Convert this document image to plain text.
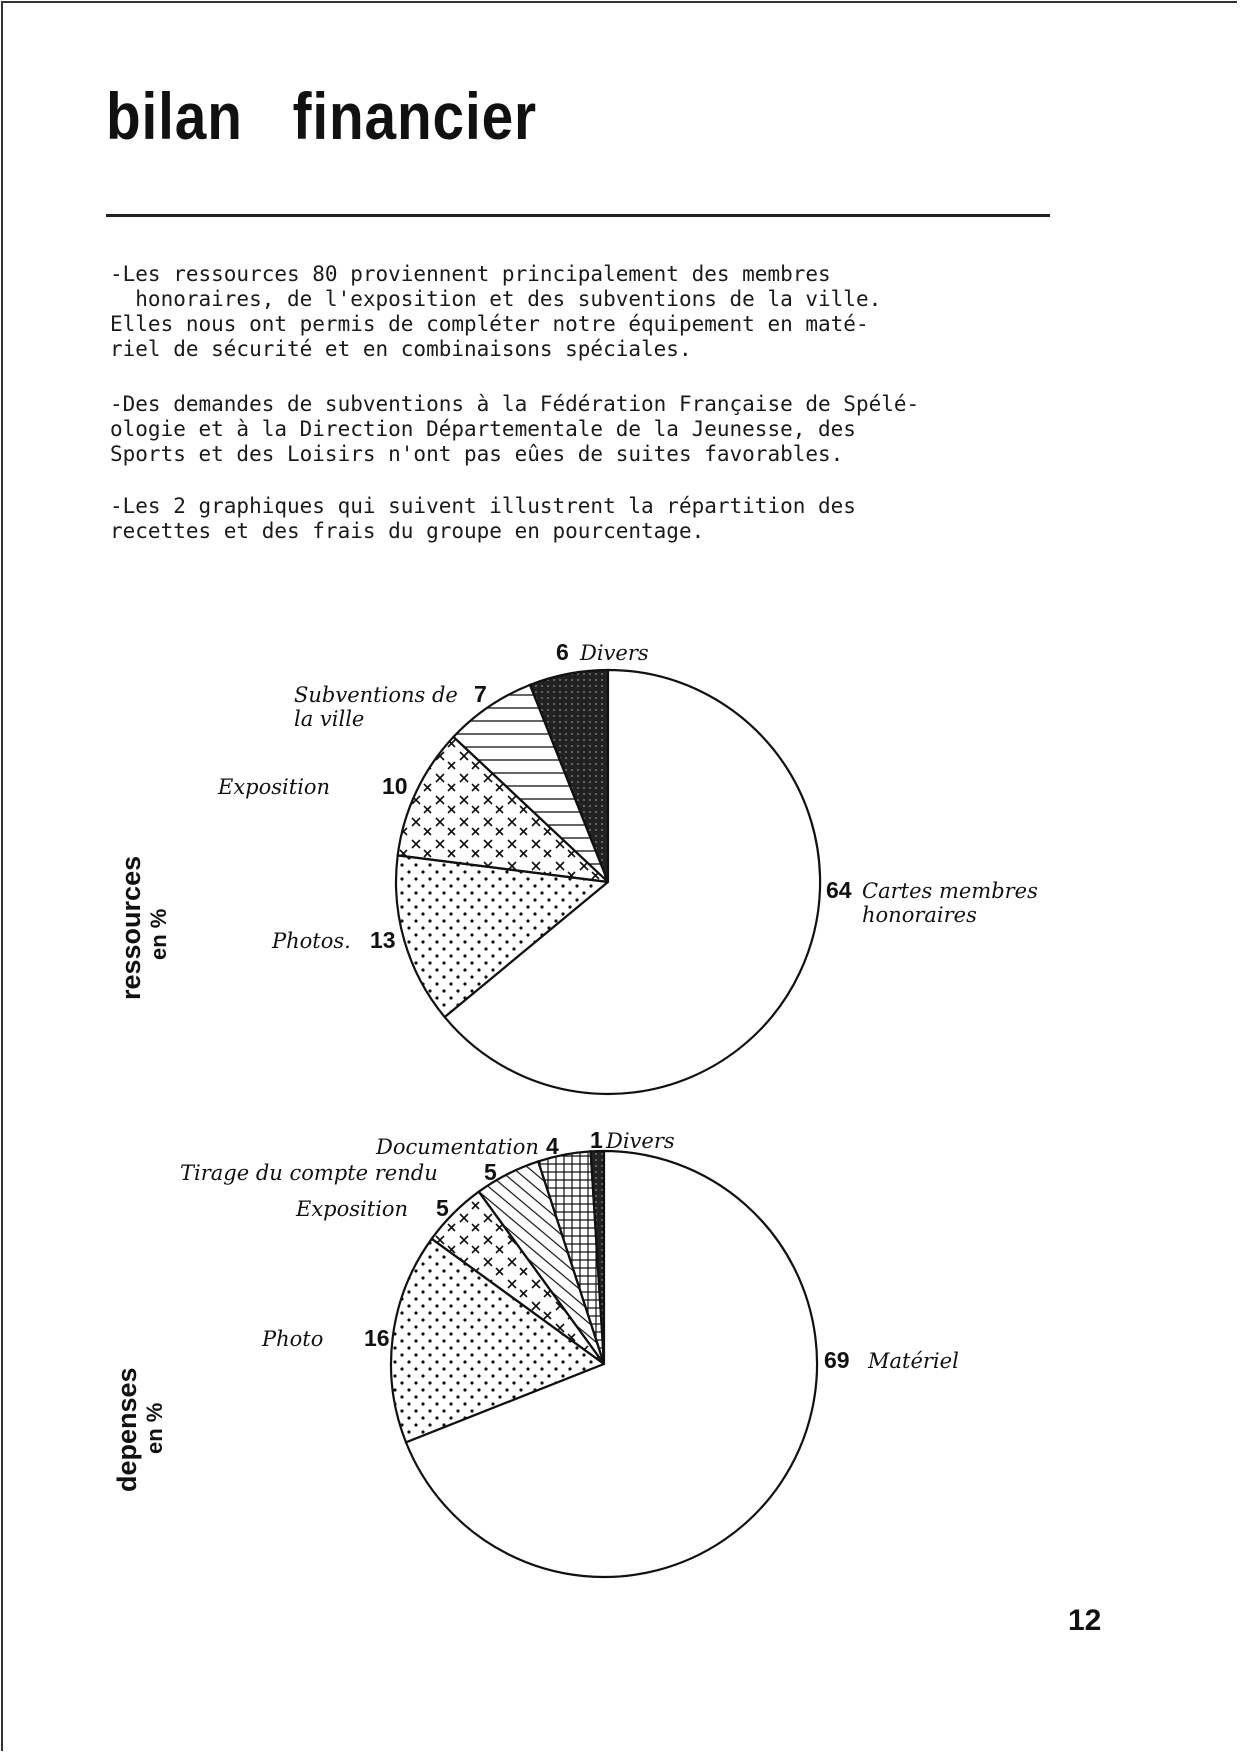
bilan   financier
-Les ressources 80 proviennent principalement des membres
honoraires, de l'exposition et des subventions de la ville.
Elles nous ont permis de compléter notre équipement en maté-
riel de sécurité et en combinaisons spéciales.
-Des demandes de subventions à la Fédération Française de Spélé-
ologie et à la Direction Départementale de la Jeunesse, des
Sports et des Loisirs n'ont pas eûes de suites favorables.
-Les 2 graphiques qui suivent illustrent la répartition des
recettes et des frais du groupe en pourcentage.
ressources en %
depenses en %
6 Divers
Subventions de 7
la ville
Exposition 10
Photos. 13
64 Cartes membres
honoraires
Documentation 4 1 Divers
Tirage du compte rendu 5
Exposition 5
Photo 16
69 Matériel
12
